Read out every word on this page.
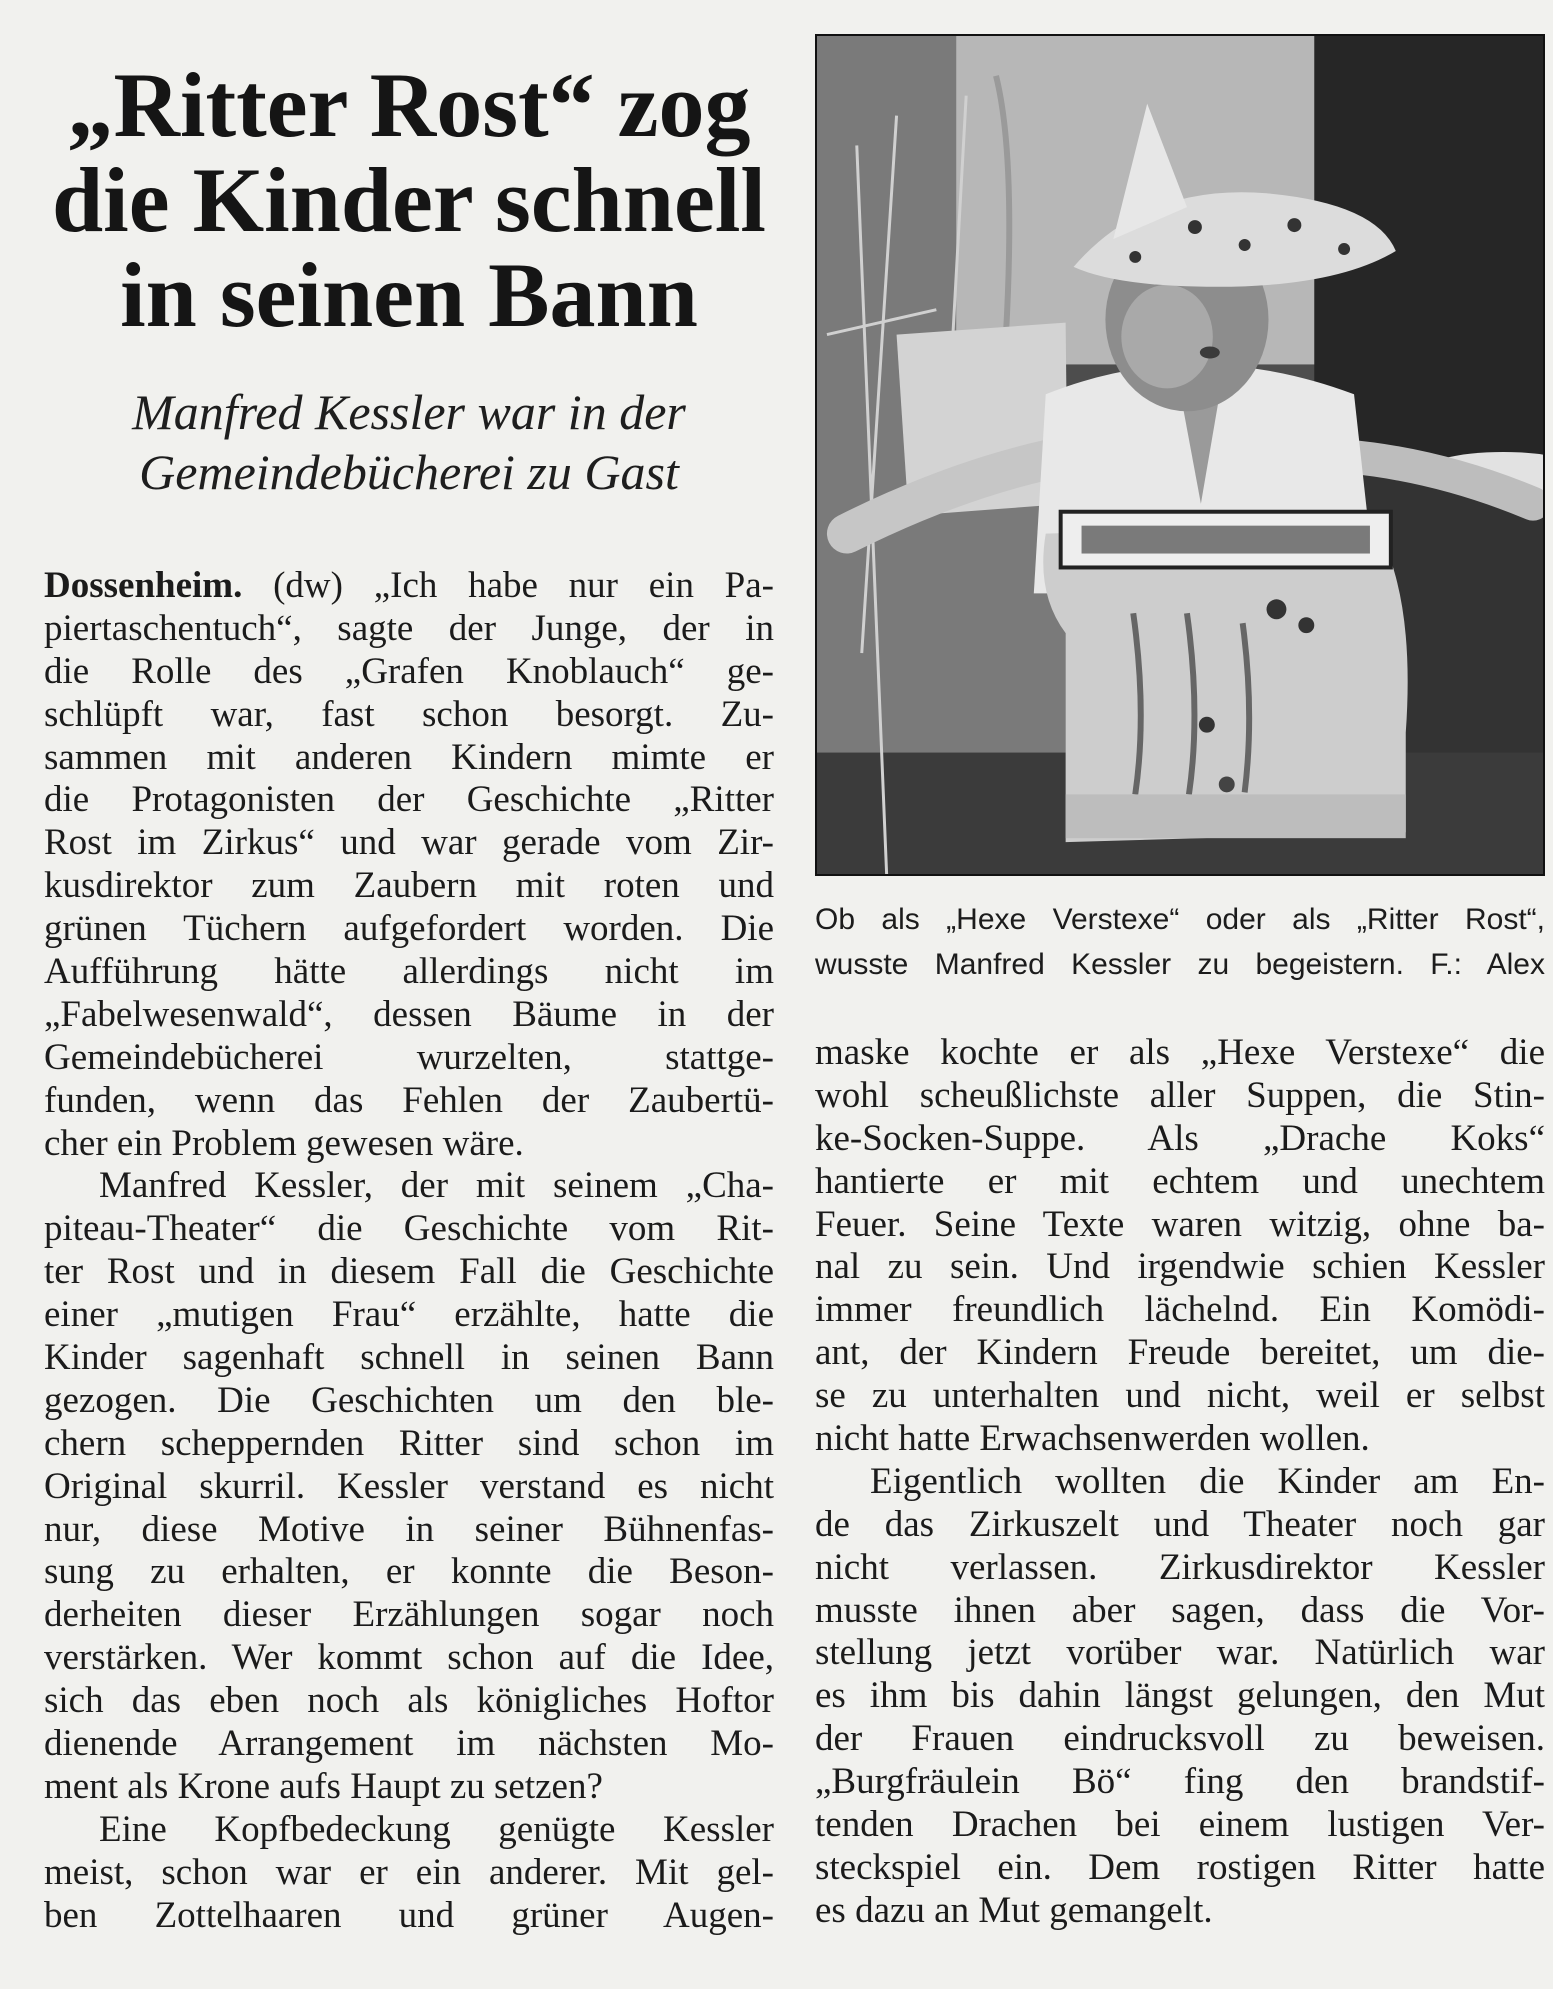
„Ritter Rost“ zog
die Kinder schnell
in seinen Bann
Manfred Kessler war in der
Gemeindebücherei zu Gast
Dossenheim. (dw) „Ich habe nur ein Pa-
piertaschentuch“, sagte der Junge, der in
die Rolle des „Grafen Knoblauch“ ge-
schlüpft war, fast schon besorgt. Zu-
sammen mit anderen Kindern mimte er
die Protagonisten der Geschichte „Ritter
Rost im Zirkus“ und war gerade vom Zir-
kusdirektor zum Zaubern mit roten und
grünen Tüchern aufgefordert worden. Die
Aufführung hätte allerdings nicht im
„Fabelwesenwald“, dessen Bäume in der
Gemeindebücherei wurzelten, stattge-
funden, wenn das Fehlen der Zaubertü-
cher ein Problem gewesen wäre.
Manfred Kessler, der mit seinem „Cha-
piteau-Theater“ die Geschichte vom Rit-
ter Rost und in diesem Fall die Geschichte
einer „mutigen Frau“ erzählte, hatte die
Kinder sagenhaft schnell in seinen Bann
gezogen. Die Geschichten um den ble-
chern scheppernden Ritter sind schon im
Original skurril. Kessler verstand es nicht
nur, diese Motive in seiner Bühnenfas-
sung zu erhalten, er konnte die Beson-
derheiten dieser Erzählungen sogar noch
verstärken. Wer kommt schon auf die Idee,
sich das eben noch als königliches Hoftor
dienende Arrangement im nächsten Mo-
ment als Krone aufs Haupt zu setzen?
Eine Kopfbedeckung genügte Kessler
meist, schon war er ein anderer. Mit gel-
ben Zottelhaaren und grüner Augen-
Ob als „Hexe Verstexe“ oder als „Ritter Rost“,
wusste Manfred Kessler zu begeistern. F.: Alex
maske kochte er als „Hexe Verstexe“ die
wohl scheußlichste aller Suppen, die Stin-
ke-Socken-Suppe. Als „Drache Koks“
hantierte er mit echtem und unechtem
Feuer. Seine Texte waren witzig, ohne ba-
nal zu sein. Und irgendwie schien Kessler
immer freundlich lächelnd. Ein Komödi-
ant, der Kindern Freude bereitet, um die-
se zu unterhalten und nicht, weil er selbst
nicht hatte Erwachsenwerden wollen.
Eigentlich wollten die Kinder am En-
de das Zirkuszelt und Theater noch gar
nicht verlassen. Zirkusdirektor Kessler
musste ihnen aber sagen, dass die Vor-
stellung jetzt vorüber war. Natürlich war
es ihm bis dahin längst gelungen, den Mut
der Frauen eindrucksvoll zu beweisen.
„Burgfräulein Bö“ fing den brandstif-
tenden Drachen bei einem lustigen Ver-
steckspiel ein. Dem rostigen Ritter hatte
es dazu an Mut gemangelt.
